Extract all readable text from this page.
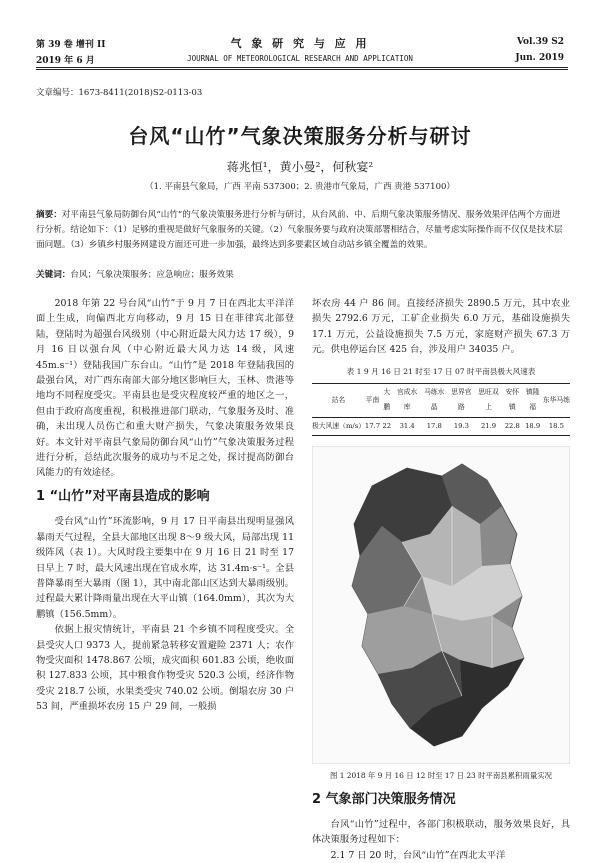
第 39 卷 增刊 II	气 象 研 究 与 应 用	Vol.39 S2
2019 年 6 月	JOURNAL OF METEOROLOGICAL RESEARCH AND APPLICATION	Jun. 2019
文章编号：1673-8411(2018)S2-0113-03
台风“山竹”气象决策服务分析与研讨
蒋兆恒¹，黄小曼²，何秋宴²
（1. 平南县气象局，广西 平南 537300；2. 贵港市气象局，广西 贵港 537100）
摘要：对平南县气象局防御台风“山竹”的气象决策服务进行分析与研讨，从台风前、中、后期气象决策服务情况、服务效果评估两个方面进行分析。结论如下：（1）足够的重视是做好气象服务的关键。（2）气象服务要与政府决策部署相结合，尽量考虑实际操作而不仅仅是技术层面问题。（3）乡镇乡村服务网建设方面还可进一步加强，最终达到多要素区域自动站乡镇全覆盖的效果。
关键词：台风；气象决策服务；应急响应；服务效果

2018 年第 22 号台风“山竹”于 9 月 7 日在西北太平洋洋面上生成，向偏西北方向移动，9 月 15 日在菲律宾北部登陆，登陆时为超强台风级别（中心附近最大风力达 17 级），9 月 16 日以强台风（中心附近最大风力达 14 级，风速 45m.s⁻¹）登陆我国广东台山。“山竹”是 2018 年登陆我国的最强台风，对广西东南部大部分地区影响巨大，玉林、贵港等地均不同程度受灾。平南县也是受灾程度较严重的地区之一，但由于政府高度重视，积极推进部门联动，气象服务及时、准确，未出现人员伤亡和重大财产损失，气象决策服务效果良好。本文针对平南县气象局防御台风“山竹”气象决策服务过程进行分析，总结此次服务的成功与不足之处，探讨提高防御台风能力的有效途径。

1 “山竹”对平南县造成的影响

受台风“山竹”环流影响，9 月 17 日平南县出现明显强风暴雨天气过程，全县大部地区出现 8～9 级大风，局部出现 11 级阵风（表 1）。大风时段主要集中在 9 月 16 日 21 时至 17 日早上 7 时，最大风速出现在官成水库，达 31.4m·s⁻¹。全县普降暴雨至大暴雨（图 1），其中南北部山区达到大暴雨级别。过程最大累计降雨量出现在大平山镇（164.0mm），其次为大鹏镇（156.5mm）。

依据上报灾情统计，平南县 21 个乡镇不同程度受灾。全县受灾人口 9373 人，提前紧急转移安置避险 2371 人；农作物受灾面积 1478.867 公顷，成灾面积 601.83 公顷，绝收面积 127.833 公顷，其中粮食作物受灾 520.3 公顷，经济作物受灾 218.7 公顷，水果类受灾 740.02 公顷。倒塌农房 30 户 53 间，严重损坏农房 15 户 29 间，一般损

坏农房 44 户 86 间。直接经济损失 2890.5 万元，其中农业损失 2792.6 万元，工矿企业损失 6.0 万元，基础设施损失 17.1 万元，公益设施损失 7.5 万元，家庭财产损失 67.3 万元。供电停运台区 425 台，涉及用户 34035 户。

表 1 9 月 16 日 21 时至 17 日 07 时平南县极大风速表
站名	平南	大鹏	官成水库	马练水晶	思界官路	思旺双上	安怀镇	镇隆福	东华马练
极大风速（m/s）	17.7	22	31.4	17.8	19.3	21.9	22.8	18.9	18.5
图 1 2018 年 9 月 16 日 12 时至 17 日 23 时平南县累积雨量实况
2 气象部门决策服务情况

台风“山竹”过程中，各部门积极联动，服务效果良好，具体决策服务过程如下：

2.1 7 日 20 时，台风“山竹”在西北太平洋
